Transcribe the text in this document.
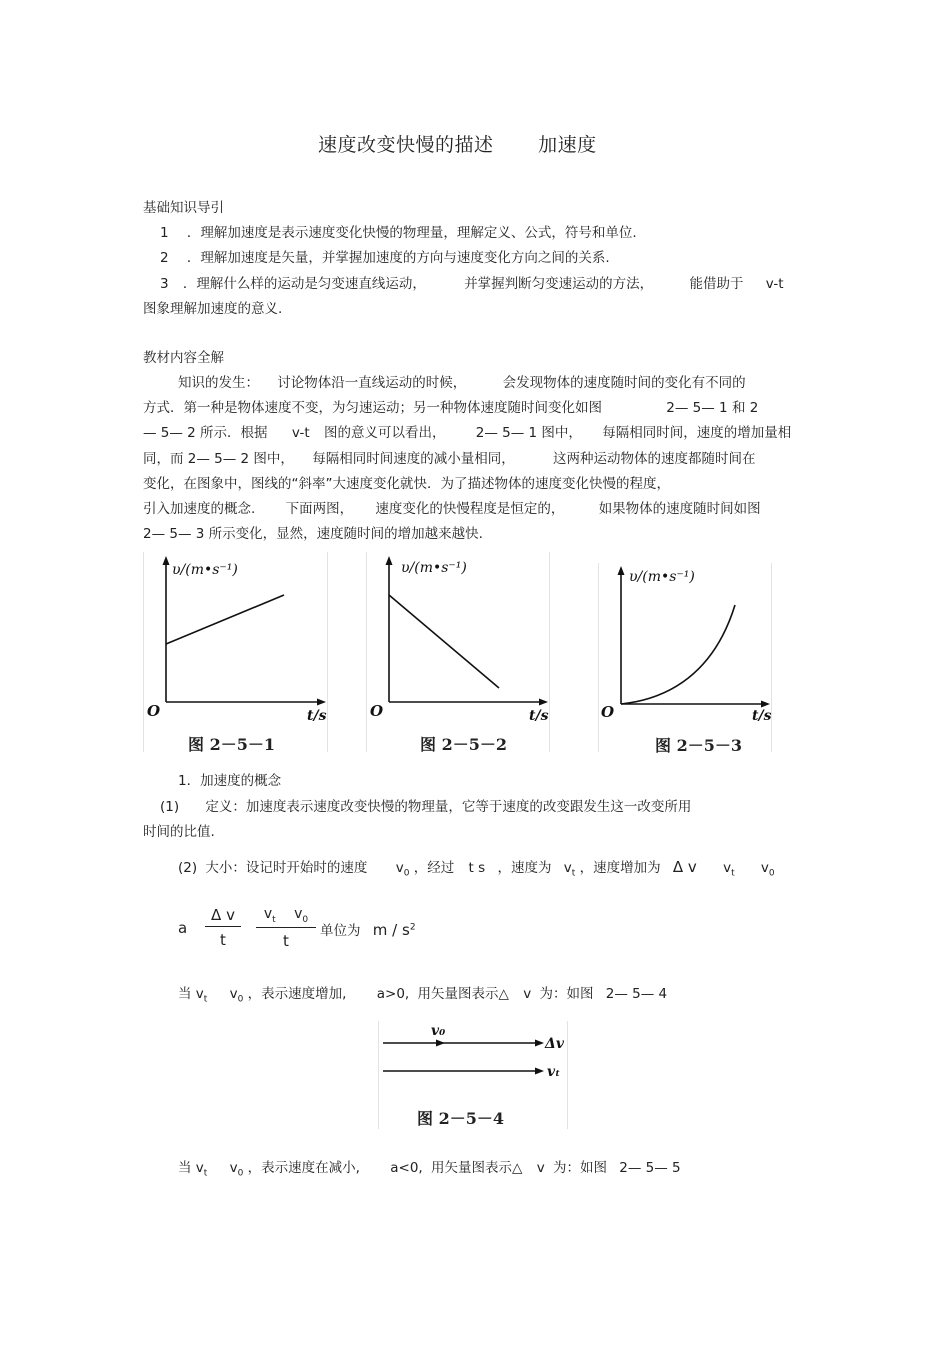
速度改变快慢的描述 加速度
基础知识导引
1 ．理解加速度是表示速度变化快慢的物理量，理解定义、公式，符号和单位.
2 ．理解加速度是矢量，并掌握加速度的方向与速度变化方向之间的关系.
3 ．理解什么样的运动是匀变速直线运动，	并掌握判断匀变速运动的方法，	能借助于 v-t
图象理解加速度的意义.
教材内容全解
知识的发生： 讨论物体沿一直线运动的时候，	会发现物体的速度随时间的变化有不同的
方式．第一种是物体速度不变，为匀速运动；另一种物体速度随时间变化如图	2— 5— 1 和 2
— 5— 2 所示．根据 v-t 图的意义可以看出， 2— 5— 1 图中， 每隔相同时间，速度的增加量相
同，而 2— 5— 2 图中， 每隔相同时间速度的减小量相同，	这两种运动物体的速度都随时间在
变化，在图象中，图线的“斜率”大速度变化就快．为了描述物体的速度变化快慢的程度，
引入加速度的概念. 下面两图， 速度变化的快慢程度是恒定的，	如果物体的速度随时间如图
2— 5— 3 所示变化，显然，速度随时间的增加越来越快.
υ/(m•s⁻¹)
O	t/s
图 2－5－1
υ/(m•s⁻¹)
O	t/s
图 2－5－2
υ/(m•s⁻¹)
O	t/s
图 2－5－3
1．加速度的概念
(1) 定义：加速度表示速度改变快慢的物理量，它等于速度的改变跟发生这一改变所用
时间的比值.
(2) 大小：设记时开始时的速度 $v_0$ ，经过 t s ，速度为 $v_t$ ，速度增加为 Δ v $v_t$ $v_0$
a
Δ v
t
$v_t$ $v_0$
t
单位为 m / $s^2$
当 $v_t$ $v_0$ ，表示速度增加, a>0, 用矢量图表示△ v 为：如图 2— 5— 4
v₀
Δv
vₜ
图 2－5－4
当 $v_t$ $v_0$ ，表示速度在减小, a<0, 用矢量图表示△ v 为：如图 2— 5— 5
